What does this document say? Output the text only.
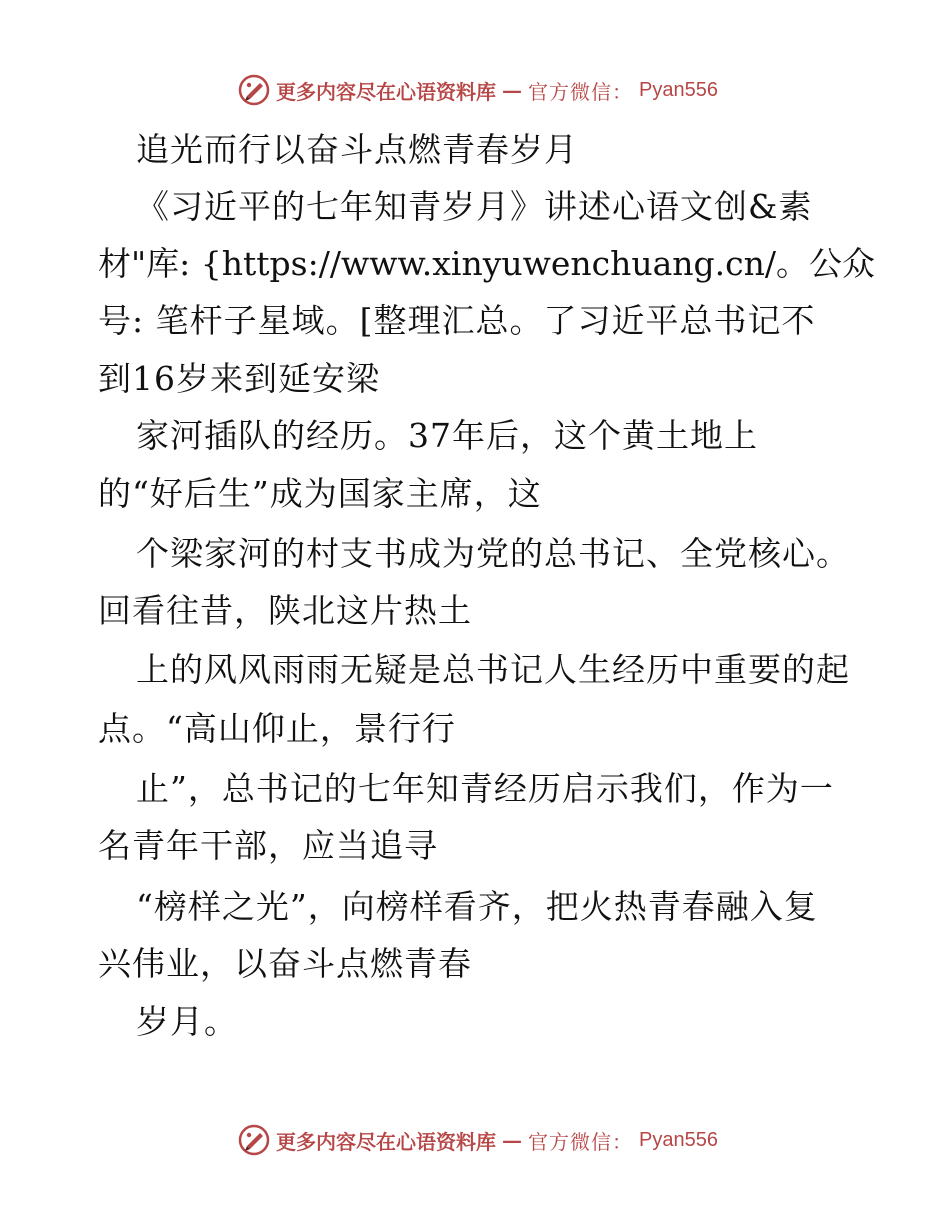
更多内容尽在心语资料库 — 官方微信： Pyan556
追光而行以奋斗点燃青春岁月
《习近平的七年知青岁月》讲述心语文创&素
材"库: {https://www.xinyuwenchuang.cn/。公众
号: 笔杆子星域。[整理汇总。了习近平总书记不
到16岁来到延安梁
家河插队的经历。37年后，这个黄土地上
的“好后生”成为国家主席，这
个梁家河的村支书成为党的总书记、全党核心。
回看往昔，陕北这片热土
上的风风雨雨无疑是总书记人生经历中重要的起
点。“高山仰止，景行行
止”，总书记的七年知青经历启示我们，作为一
名青年干部，应当追寻
“榜样之光”，向榜样看齐，把火热青春融入复
兴伟业，以奋斗点燃青春
岁月。
更多内容尽在心语资料库 — 官方微信： Pyan556
